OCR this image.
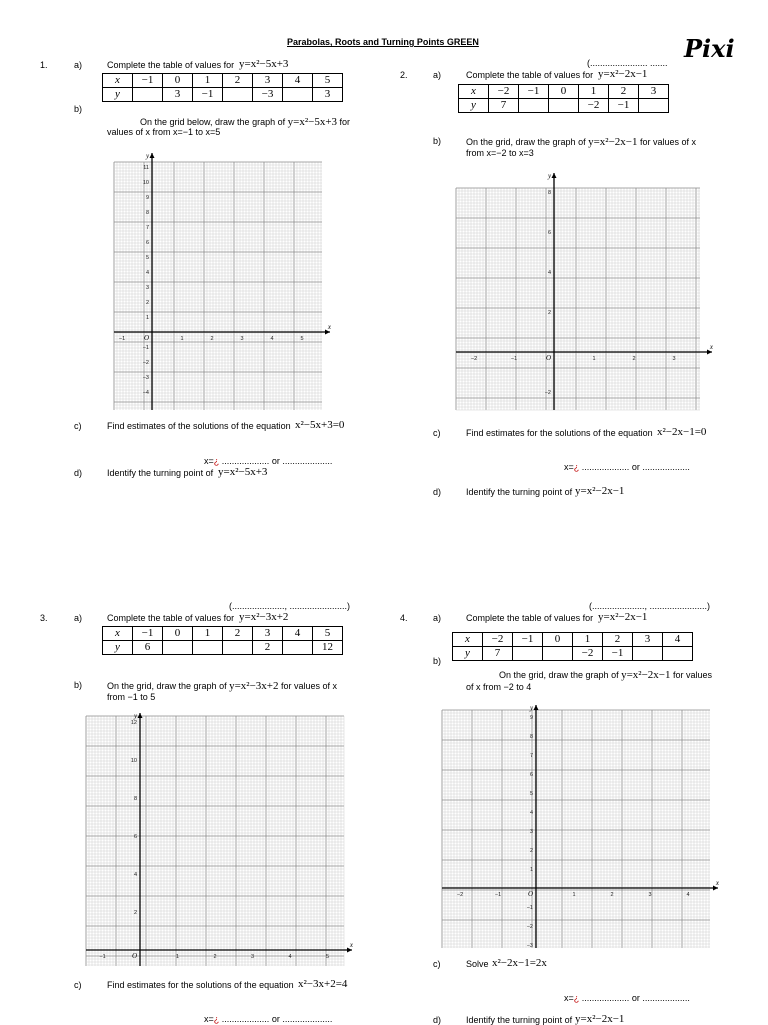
Parabolas, Roots and Turning Points GREEN	Pixi
1.	a)	Complete the table of values for y=x²−5x+3
x	−1	0	1	2	3	4	5
y		3	−1		−3		3
b)
On the grid below, draw the graph of y=x²−5x+3 for
values of x from x=−1 to x=5
x
y
O
−1	1	2	3	4	5
11
10
9
8
7
6
5
4
3
2
1
−1
−2
−3
−4
c)	Find estimates of the solutions of the equation x²−5x+3=0
x=¿ ................... or ....................
d)	Identify the turning point of y=x²−5x+3
(....................... .......
2.	a)	Complete the table of values for y=x²−2x−1
x	−2	−1	0	1	2	3
y	7			−2	−1	
b)	On the grid, draw the graph of y=x²−2x−1 for values of x
from x=−2 to x=3
x
y
O
−2	−1	1	2	3
8
6
4
2
−2
c)	Find estimates for the solutions of the equation x²−2x−1=0
x=¿ ................... or ...................
d)	Identify the turning point of y=x²−2x−1
(....................., .......................)
3.	a)	Complete the table of values for y=x²−3x+2
x	−1	0	1	2	3	4	5
y	6				2		12
b)	On the grid, draw the graph of y=x²−3x+2 for values of x
from −1 to 5
x
y
O
−1	1	2	3	4	5
12
10
8
6
4
2
c)	Find estimates for the solutions of the equation x²−3x+2=4
x=¿ ................... or ....................
(....................., .......................)
4.	a)	Complete the table of values for y=x²−2x−1
x	−2	−1	0	1	2	3	4
y	7			−2	−1		
b)
On the grid, draw the graph of y=x²−2x−1 for values
of x from −2 to 4
x
y
O
−2	−1	1	2	3	4
9
8
7
6
5
4
3
2
1
−1
−2
−3
c)	Solve x²−2x−1=2x
x=¿ ................... or ...................
d)	Identify the turning point of y=x²−2x−1
